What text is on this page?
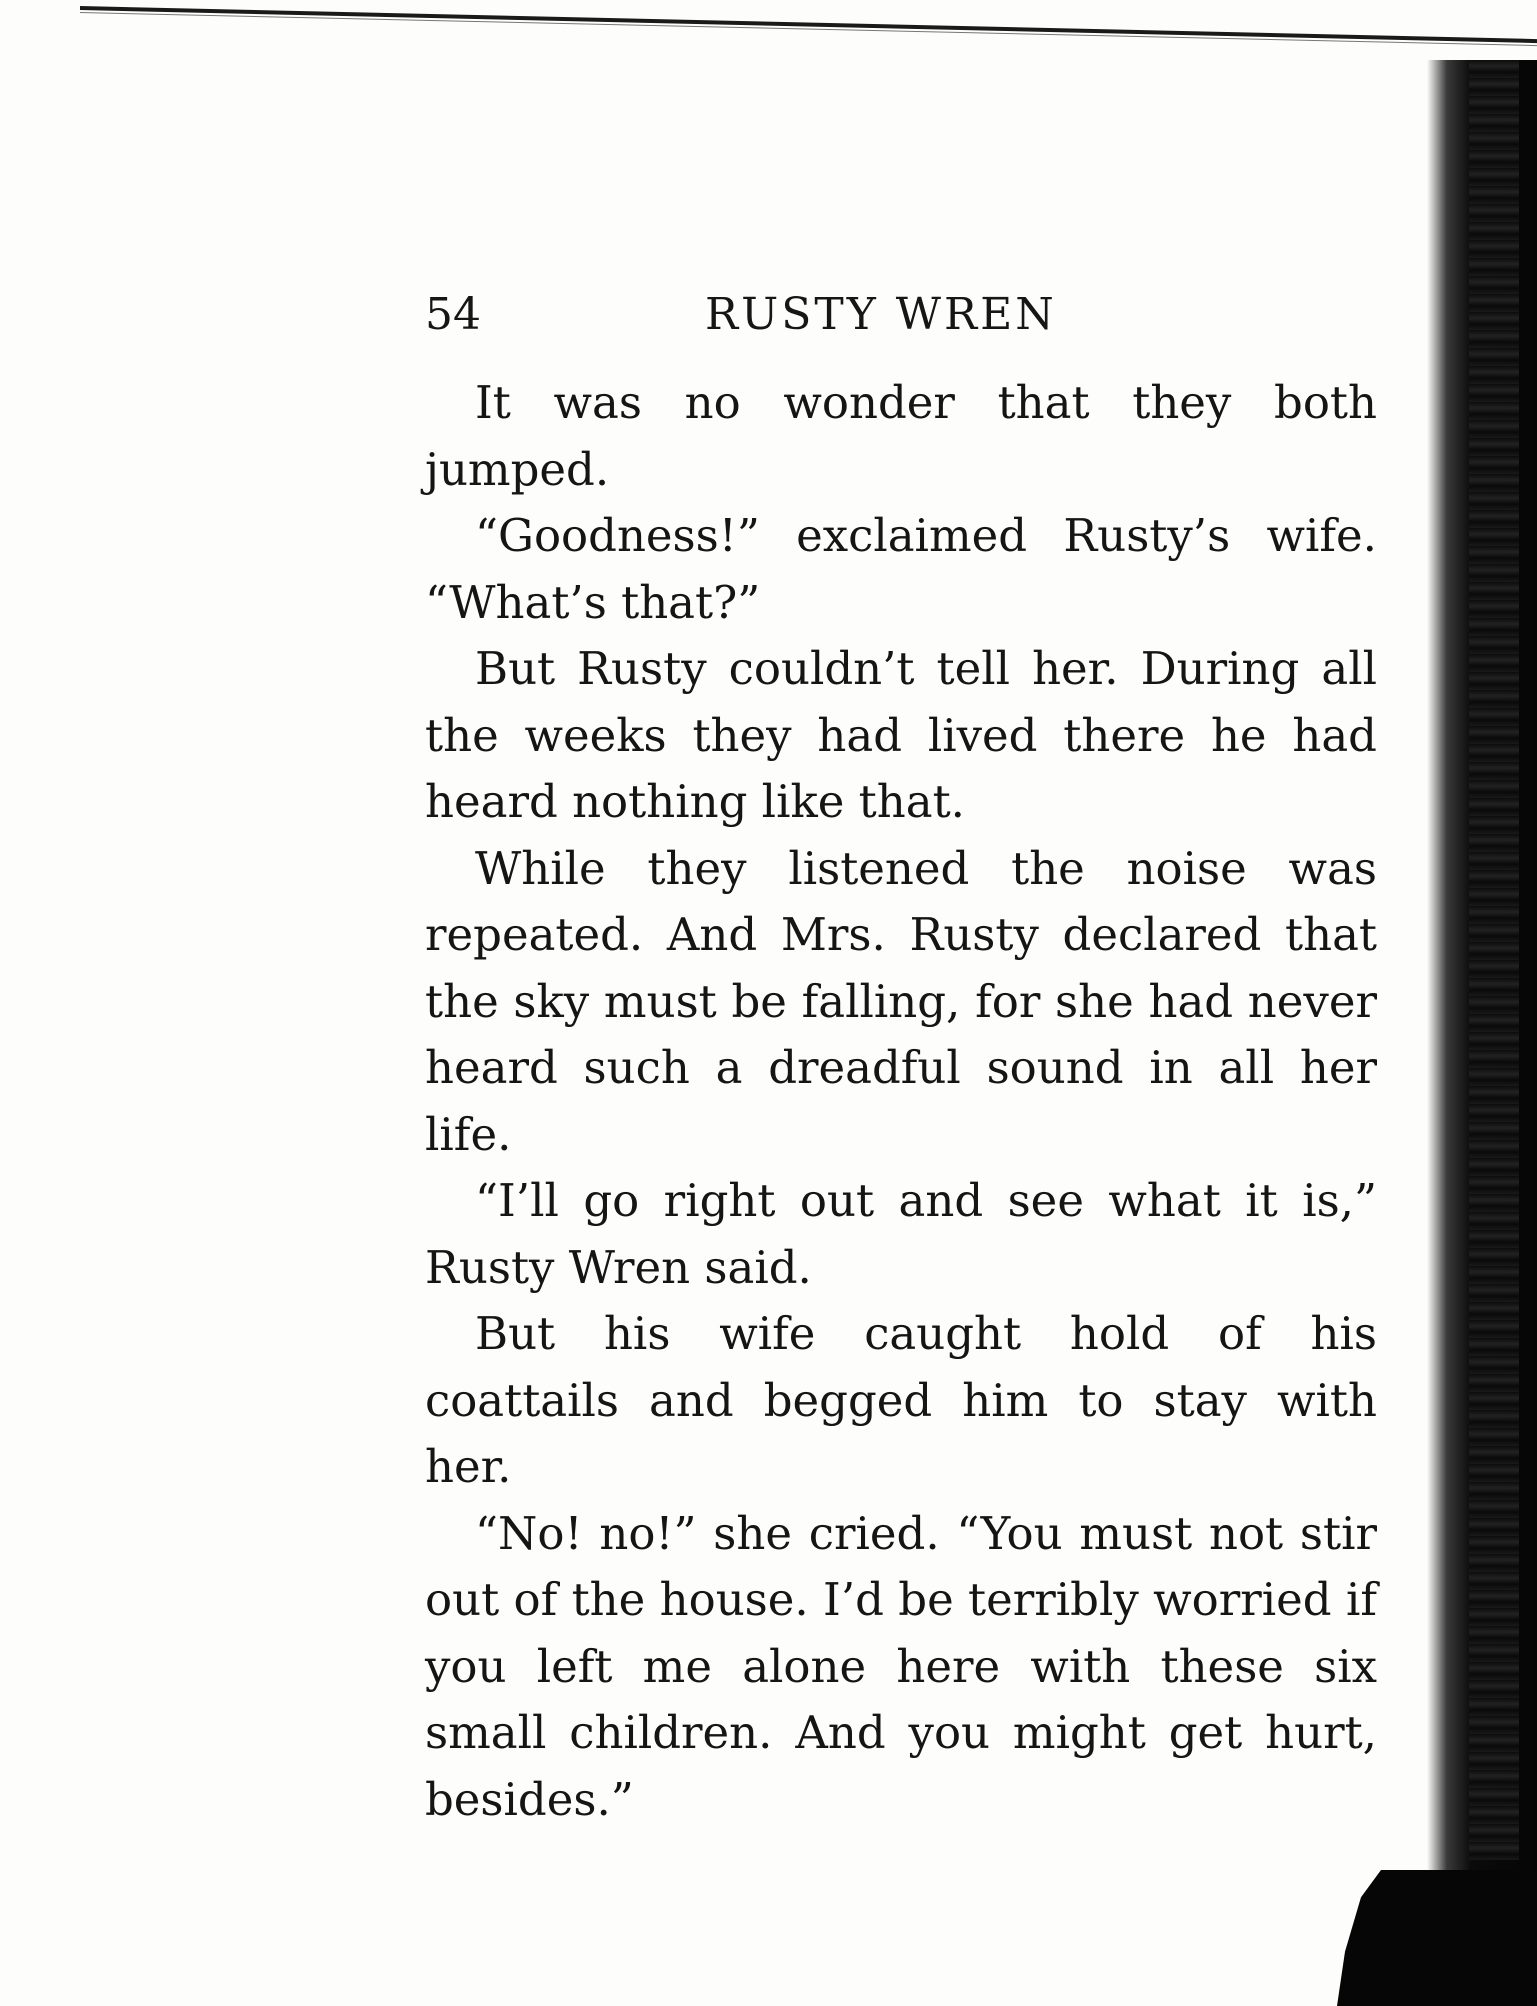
54	RUSTY WREN

It was no wonder that they both jumped.

“Goodness!” exclaimed Rusty’s wife. “What’s that?”

But Rusty couldn’t tell her. During all the weeks they had lived there he had heard nothing like that.

While they listened the noise was repeated. And Mrs. Rusty declared that the sky must be falling, for she had never heard such a dreadful sound in all her life.

“I’ll go right out and see what it is,” Rusty Wren said.

But his wife caught hold of his coattails and begged him to stay with her.

“No! no!” she cried. “You must not stir out of the house. I’d be terribly worried if you left me alone here with these six small children. And you might get hurt, besides.”
